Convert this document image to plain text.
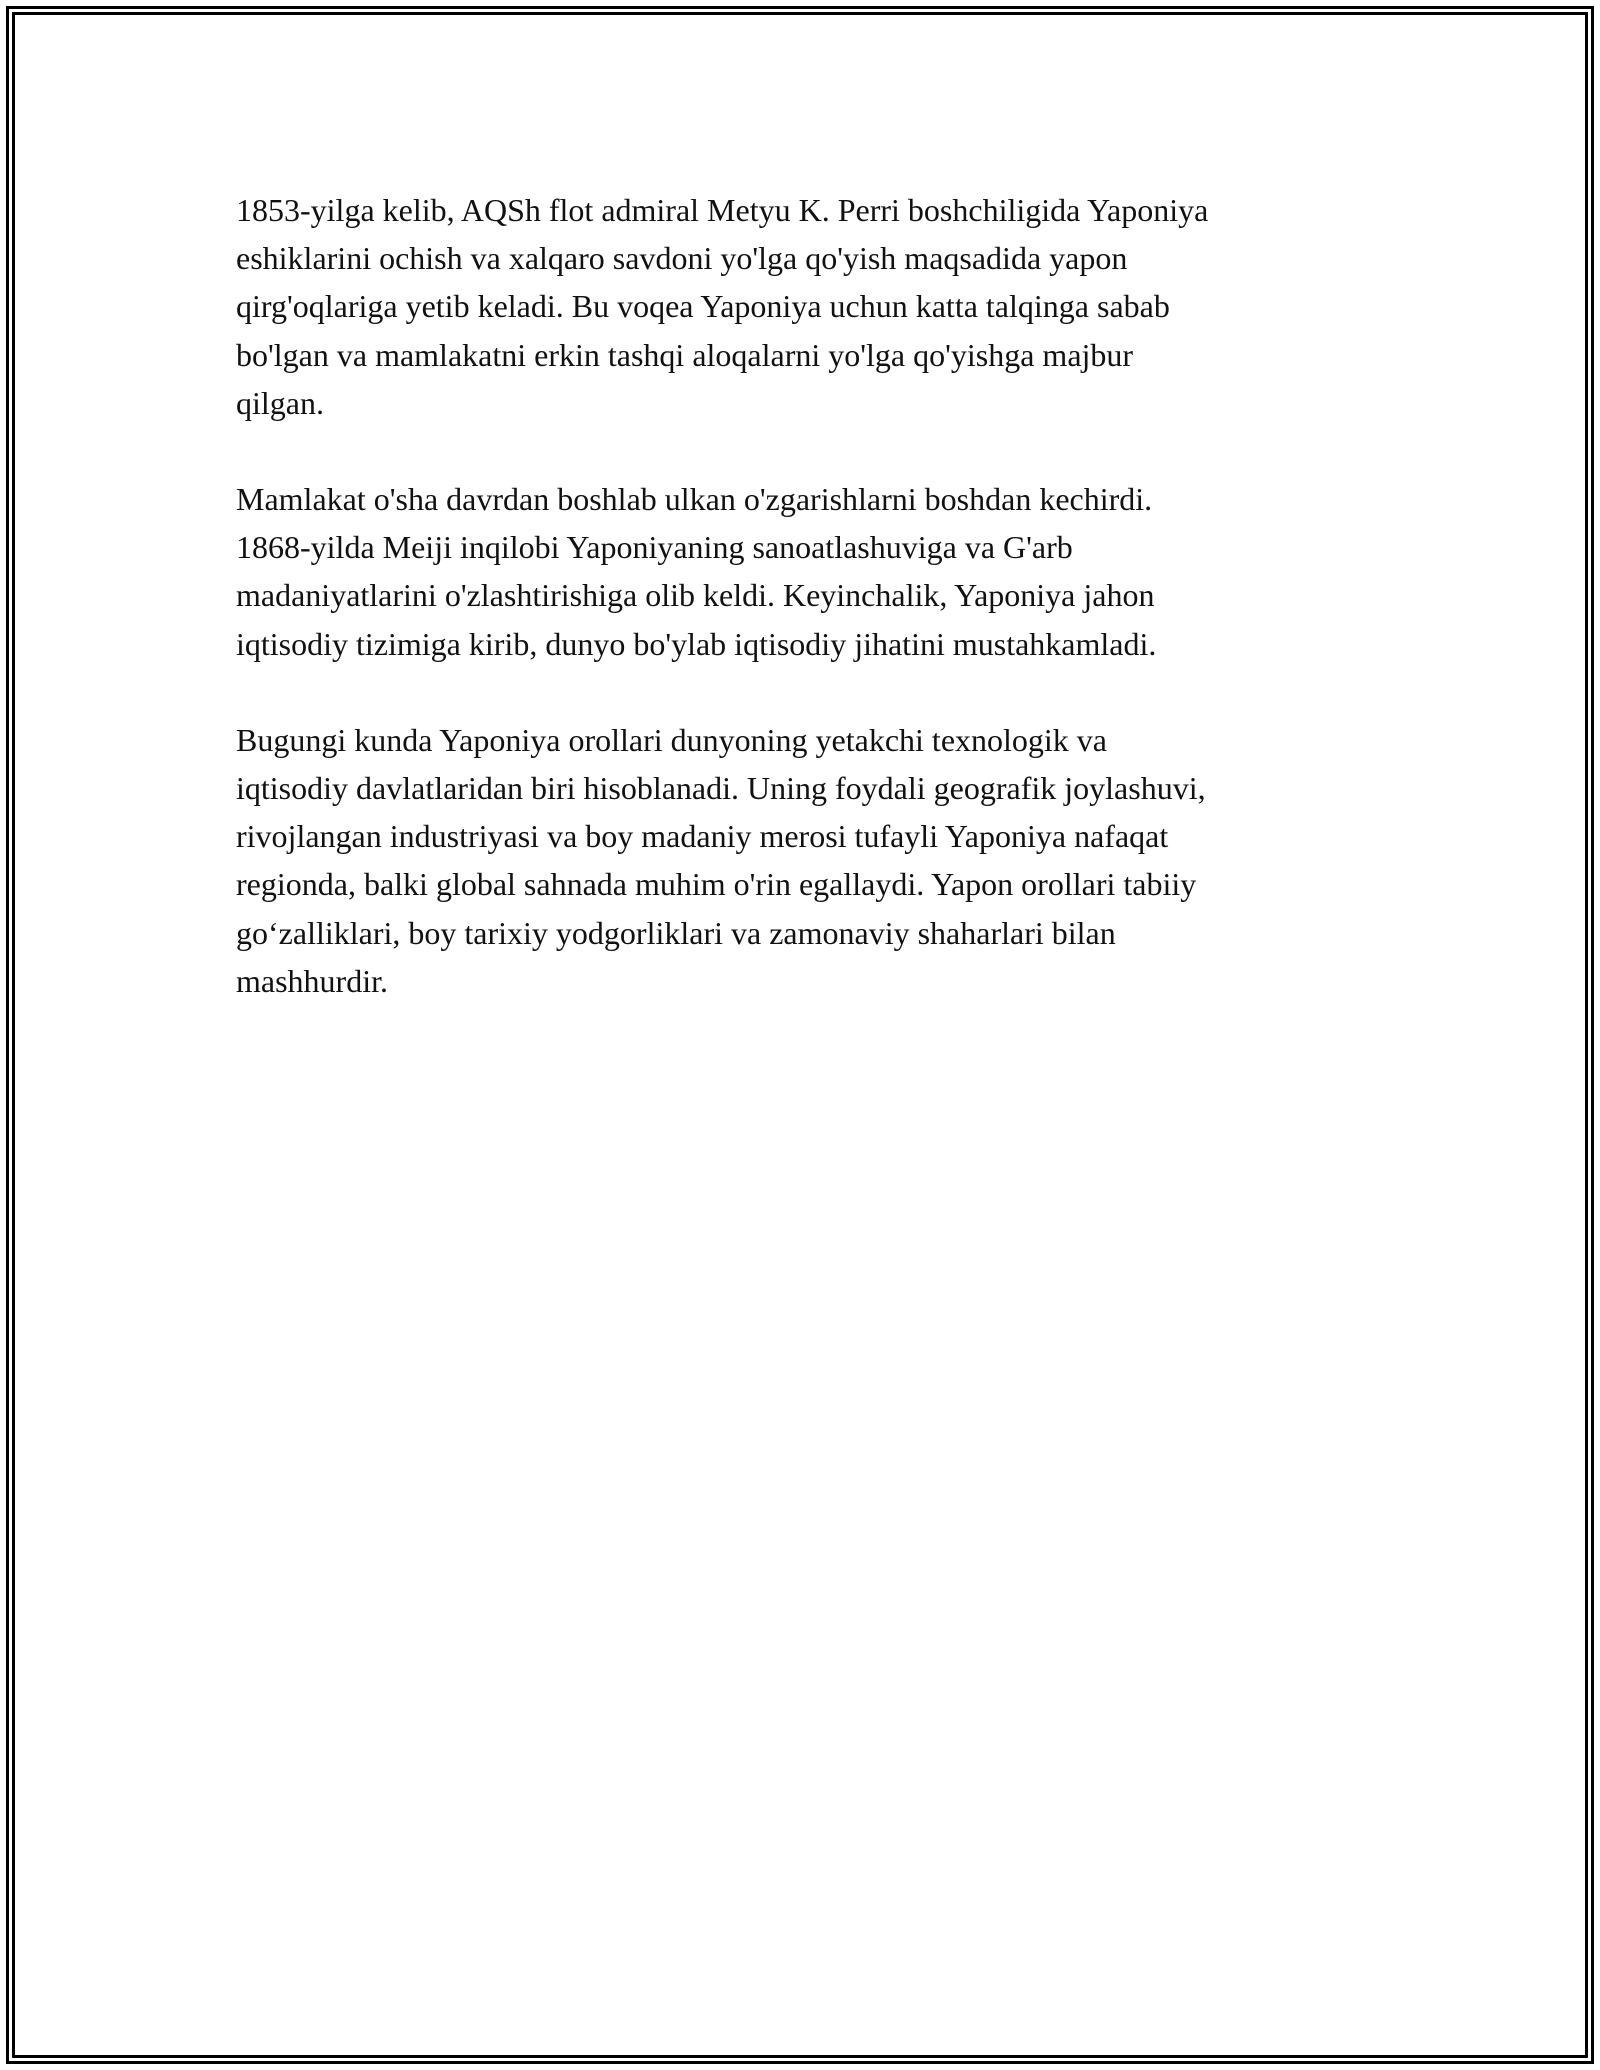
1853-yilga kelib, AQSh flot admiral Metyu K. Perri boshchiligida Yaponiya
eshiklarini ochish va xalqaro savdoni yo'lga qo'yish maqsadida yapon
qirg'oqlariga yetib keladi. Bu voqea Yaponiya uchun katta talqinga sabab
bo'lgan va mamlakatni erkin tashqi aloqalarni yo'lga qo'yishga majbur
qilgan.

Mamlakat o'sha davrdan boshlab ulkan o'zgarishlarni boshdan kechirdi.
1868-yilda Meiji inqilobi Yaponiyaning sanoatlashuviga va G'arb
madaniyatlarini o'zlashtirishiga olib keldi. Keyinchalik, Yaponiya jahon
iqtisodiy tizimiga kirib, dunyo bo'ylab iqtisodiy jihatini mustahkamladi.

Bugungi kunda Yaponiya orollari dunyoning yetakchi texnologik va
iqtisodiy davlatlaridan biri hisoblanadi. Uning foydali geografik joylashuvi,
rivojlangan industriyasi va boy madaniy merosi tufayli Yaponiya nafaqat
regionda, balki global sahnada muhim o'rin egallaydi. Yapon orollari tabiiy
go‘zalliklari, boy tarixiy yodgorliklari va zamonaviy shaharlari bilan
mashhurdir.
